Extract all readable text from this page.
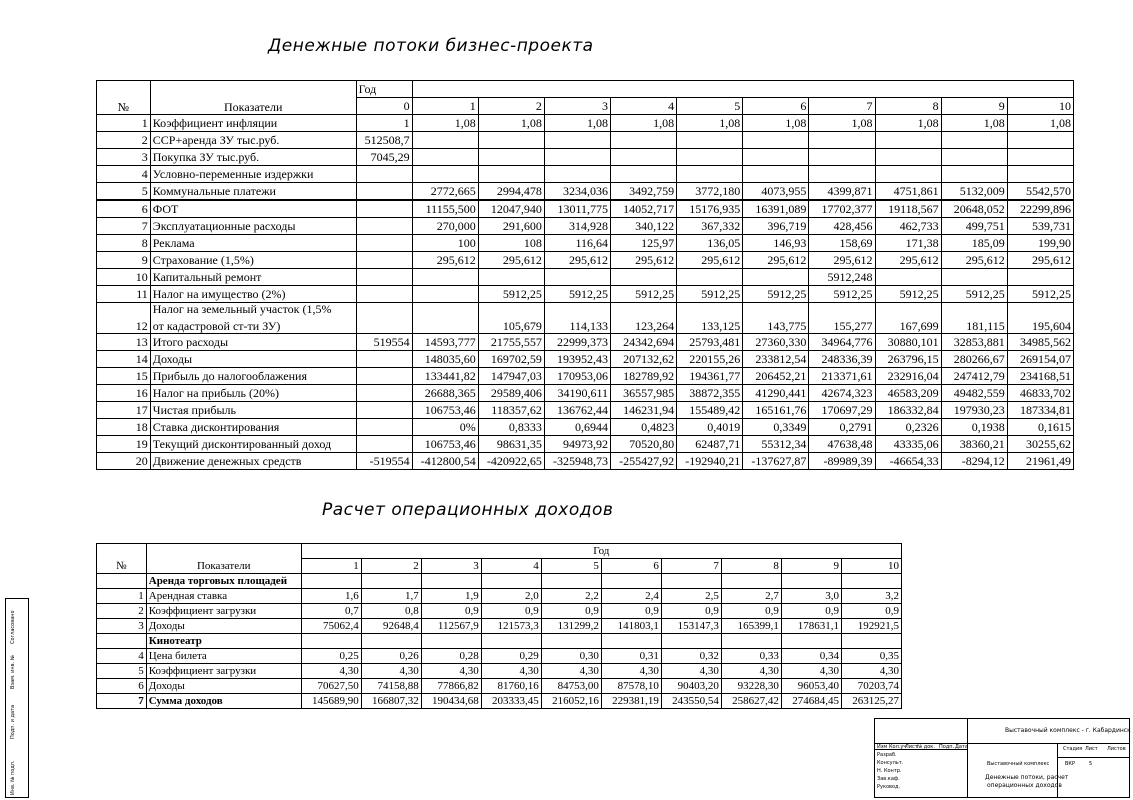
Денежные потоки бизнес-проекта
№	Показатели	Год										
		0	1	2	3	4	5	6	7	8	9	10
1	Коэффициент инфляции	1	1,08	1,08	1,08	1,08	1,08	1,08	1,08	1,08	1,08	1,08
2	ССР+аренда ЗУ тыс.руб.	512508,7										
3	Покупка ЗУ тыс.руб.	7045,29										
4	Условно-переменные издержки											
5	Коммунальные платежи		2772,665	2994,478	3234,036	3492,759	3772,180	4073,955	4399,871	4751,861	5132,009	5542,570
6	ФОТ		11155,500	12047,940	13011,775	14052,717	15176,935	16391,089	17702,377	19118,567	20648,052	22299,896
7	Эксплуатационные расходы		270,000	291,600	314,928	340,122	367,332	396,719	428,456	462,733	499,751	539,731
8	Реклама		100	108	116,64	125,97	136,05	146,93	158,69	171,38	185,09	199,90
9	Страхование (1,5%)		295,612	295,612	295,612	295,612	295,612	295,612	295,612	295,612	295,612	295,612
10	Капитальный ремонт								5912,248			
11	Налог на имущество (2%)			5912,25	5912,25	5912,25	5912,25	5912,25	5912,25	5912,25	5912,25	5912,25
12	Налог на земельный участок (1,5%
от кадастровой ст-ти ЗУ)			105,679	114,133	123,264	133,125	143,775	155,277	167,699	181,115	195,604
13	Итого расходы	519554	14593,777	21755,557	22999,373	24342,694	25793,481	27360,330	34964,776	30880,101	32853,881	34985,562
14	Доходы		148035,60	169702,59	193952,43	207132,62	220155,26	233812,54	248336,39	263796,15	280266,67	269154,07
15	Прибыль до налогооблажения		133441,82	147947,03	170953,06	182789,92	194361,77	206452,21	213371,61	232916,04	247412,79	234168,51
16	Налог на прибыль (20%)		26688,365	29589,406	34190,611	36557,985	38872,355	41290,441	42674,323	46583,209	49482,559	46833,702
17	Чистая прибыль		106753,46	118357,62	136762,44	146231,94	155489,42	165161,76	170697,29	186332,84	197930,23	187334,81
18	Ставка дисконтирования		0%	0,8333	0,6944	0,4823	0,4019	0,3349	0,2791	0,2326	0,1938	0,1615
19	Текущий дисконтированный доход		106753,46	98631,35	94973,92	70520,80	62487,71	55312,34	47638,48	43335,06	38360,21	30255,62
20	Движение денежных средств	-519554	-412800,54	-420922,65	-325948,73	-255427,92	-192940,21	-137627,87	-89989,39	-46654,33	-8294,12	21961,49
Расчет операционных доходов
№	Показатели	Год									
		1	2	3	4	5	6	7	8	9	10
	Аренда торговых площадей										
1	Арендная ставка	1,6	1,7	1,9	2,0	2,2	2,4	2,5	2,7	3,0	3,2
2	Коэффициент загрузки	0,7	0,8	0,9	0,9	0,9	0,9	0,9	0,9	0,9	0,9
3	Доходы	75062,4	92648,4	112567,9	121573,3	131299,2	141803,1	153147,3	165399,1	178631,1	192921,5
	Кинотеатр										
4	Цена билета	0,25	0,26	0,28	0,29	0,30	0,31	0,32	0,33	0,34	0,35
5	Коэффициент загрузки	4,30	4,30	4,30	4,30	4,30	4,30	4,30	4,30	4,30	4,30
6	Доходы	70627,50	74158,88	77866,82	81760,16	84753,00	87578,10	90403,20	93228,30	96053,40	70203,74
7	Сумма доходов	145689,90	166807,32	190434,68	203333,45	216052,16	229381,19	243550,54	258627,42	274684,45	263125,27
Инв. № подл.
Подп. и дата
Взам. инв. №
Согласовано
Выставочный комплекс - г. Кабардинск
Изм Кол.уч
Лист № док. Подп. Дата
Разраб.
Консульт.
Н. Контр.
Зав.каф.
Руковод.
Выставочный комплекс
Денежные потоки, расчет
операционных доходов
Стадия Лист Листов
ВКР	5
